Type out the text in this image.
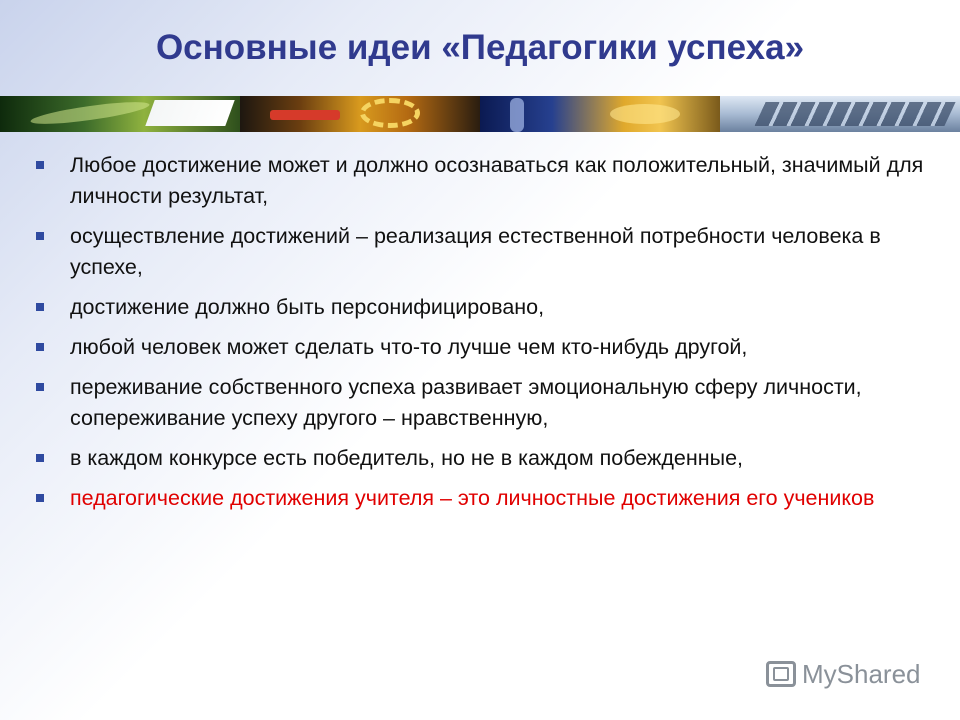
Основные идеи «Педагогики успеха»
Любое достижение может и должно осознаваться как положительный, значимый для личности результат,
осуществление достижений – реализация естественной потребности человека в успехе,
достижение должно быть персонифицировано,
любой человек может сделать что-то лучше чем кто-нибудь другой,
переживание собственного успеха развивает эмоциональную сферу личности, сопереживание успеху другого – нравственную,
в каждом конкурсе есть победитель, но не в каждом побежденные,
педагогические достижения учителя – это личностные достижения его учеников
MyShared
